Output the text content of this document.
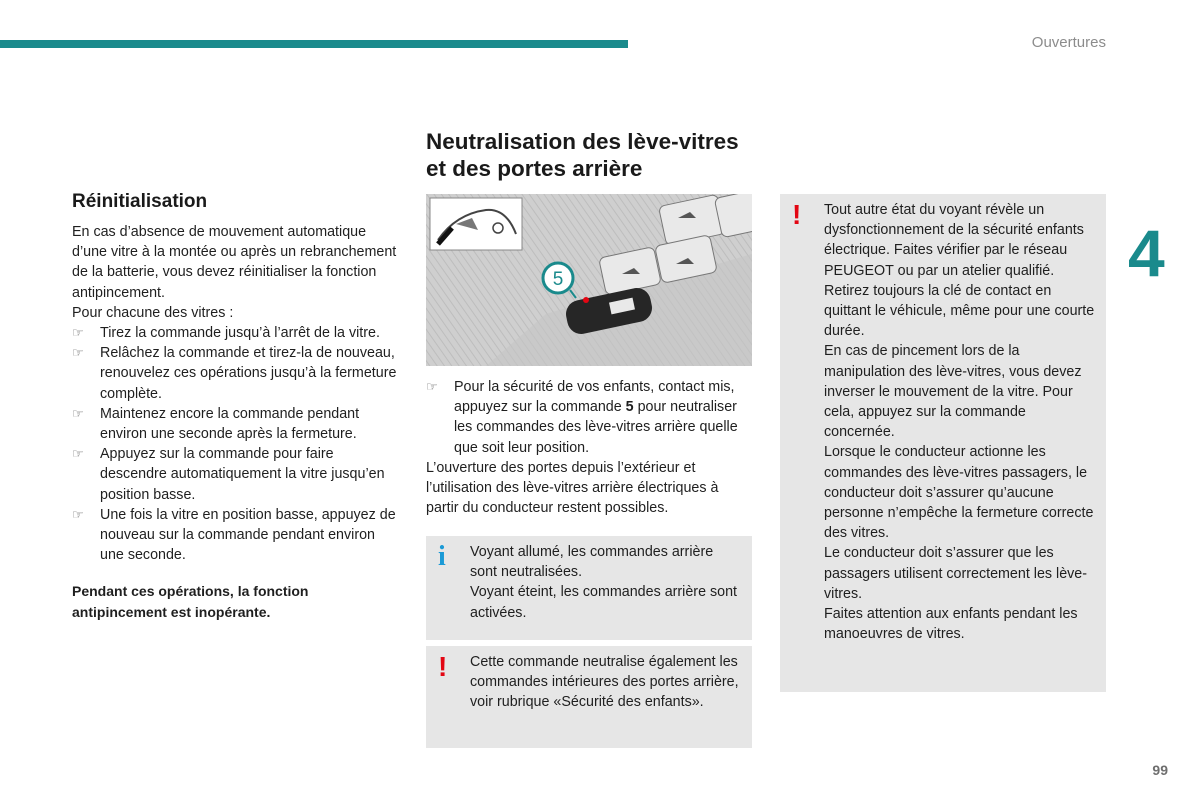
Ouvertures
4
99
Réinitialisation

En cas d’absence de mouvement automatique d’une vitre à la montée ou après un rebranchement de la batterie, vous devez réinitialiser la fonction antipincement.

Pour chacune des vitres :

☞ Tirez la commande jusqu’à l’arrêt de la vitre.
☞ Relâchez la commande et tirez-la de nouveau, renouvelez ces opérations jusqu’à la fermeture complète.
☞ Maintenez encore la commande pendant environ une seconde après la fermeture.
☞ Appuyez sur la commande pour faire descendre automatiquement la vitre jusqu’en position basse.
☞ Une fois la vitre en position basse, appuyez de nouveau sur la commande pendant environ une seconde.

Pendant ces opérations, la fonction antipincement est inopérante.

Neutralisation des lève-vitres et des portes arrière
5
☞ Pour la sécurité de vos enfants, contact mis, appuyez sur la commande 5 pour neutraliser les commandes des lève-vitres arrière quelle que soit leur position.

L’ouverture des portes depuis l’extérieur et l’utilisation des lève-vitres arrière électriques à partir du conducteur restent possibles.

i Voyant allumé, les commandes arrière sont neutralisées.

Voyant éteint, les commandes arrière sont activées.

! Cette commande neutralise également les commandes intérieures des portes arrière, voir rubrique «Sécurité des enfants».

! Tout autre état du voyant révèle un dysfonctionnement de la sécurité enfants électrique. Faites vérifier par le réseau PEUGEOT ou par un atelier qualifié.

Retirez toujours la clé de contact en quittant le véhicule, même pour une courte durée.

En cas de pincement lors de la manipulation des lève-vitres, vous devez inverser le mouvement de la vitre. Pour cela, appuyez sur la commande concernée.

Lorsque le conducteur actionne les commandes des lève-vitres passagers, le conducteur doit s’assurer qu’aucune personne n’empêche la fermeture correcte des vitres.

Le conducteur doit s’assurer que les passagers utilisent correctement les lève-vitres.

Faites attention aux enfants pendant les manoeuvres de vitres.
